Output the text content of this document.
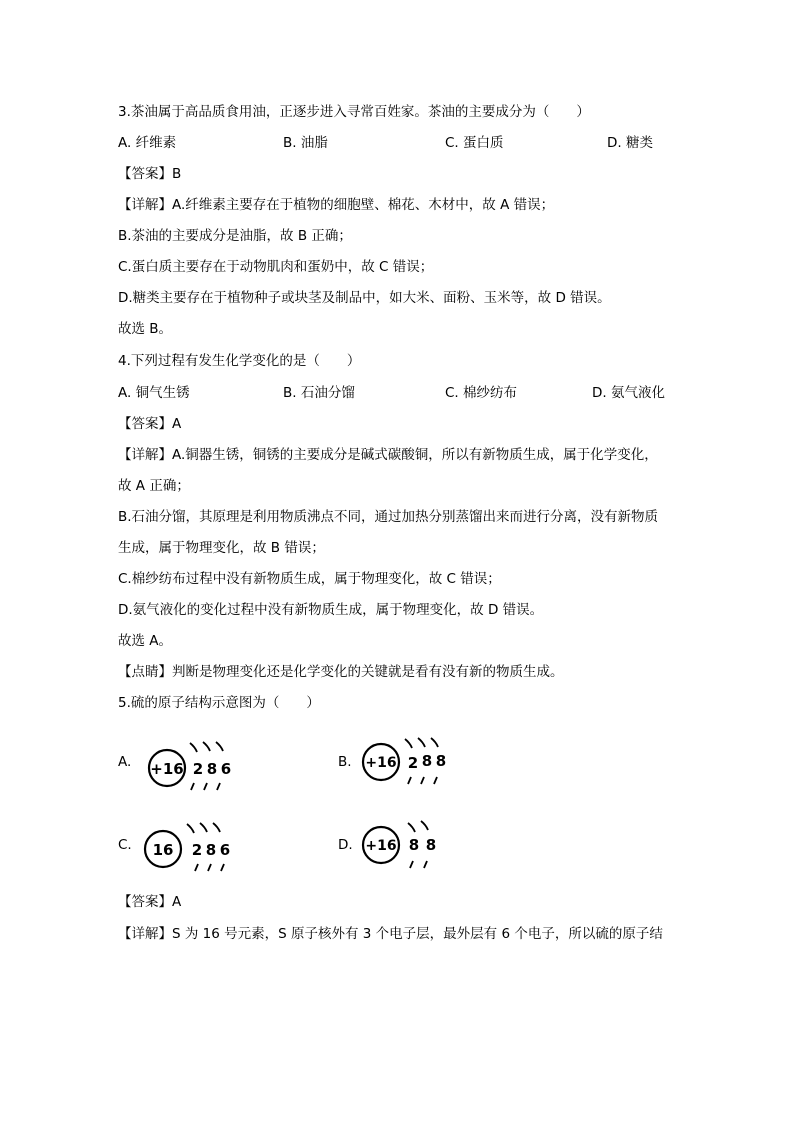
3.茶油属于高品质食用油，正逐步进入寻常百姓家。茶油的主要成分为（　　）
A. 纤维素	B. 油脂	C. 蛋白质	D. 糖类
【答案】B
【详解】A.纤维素主要存在于植物的细胞壁、棉花、木材中，故 A 错误；
B.茶油的主要成分是油脂，故 B 正确；
C.蛋白质主要存在于动物肌肉和蛋奶中，故 C 错误；
D.糖类主要存在于植物种子或块茎及制品中，如大米、面粉、玉米等，故 D 错误。
故选 B。
4.下列过程有发生化学变化的是（　　）
A. 铜气生锈	B. 石油分馏	C. 棉纱纺布	D. 氨气液化
【答案】A
【详解】A.铜器生锈，铜锈的主要成分是碱式碳酸铜，所以有新物质生成，属于化学变化，
故 A 正确；
B.石油分馏，其原理是利用物质沸点不同，通过加热分别蒸馏出来而进行分离，没有新物质
生成，属于物理变化，故 B 错误；
C.棉纱纺布过程中没有新物质生成，属于物理变化，故 C 错误；
D.氨气液化的变化过程中没有新物质生成，属于物理变化，故 D 错误。
故选 A。
【点睛】判断是物理变化还是化学变化的关键就是看有没有新的物质生成。
5.硫的原子结构示意图为（　　）
A. +16 2 8 6	B. +16 2 8 8
C. 16 2 8 6	D. +16 8 8
【答案】A
【详解】S 为 16 号元素，S 原子核外有 3 个电子层，最外层有 6 个电子，所以硫的原子结
